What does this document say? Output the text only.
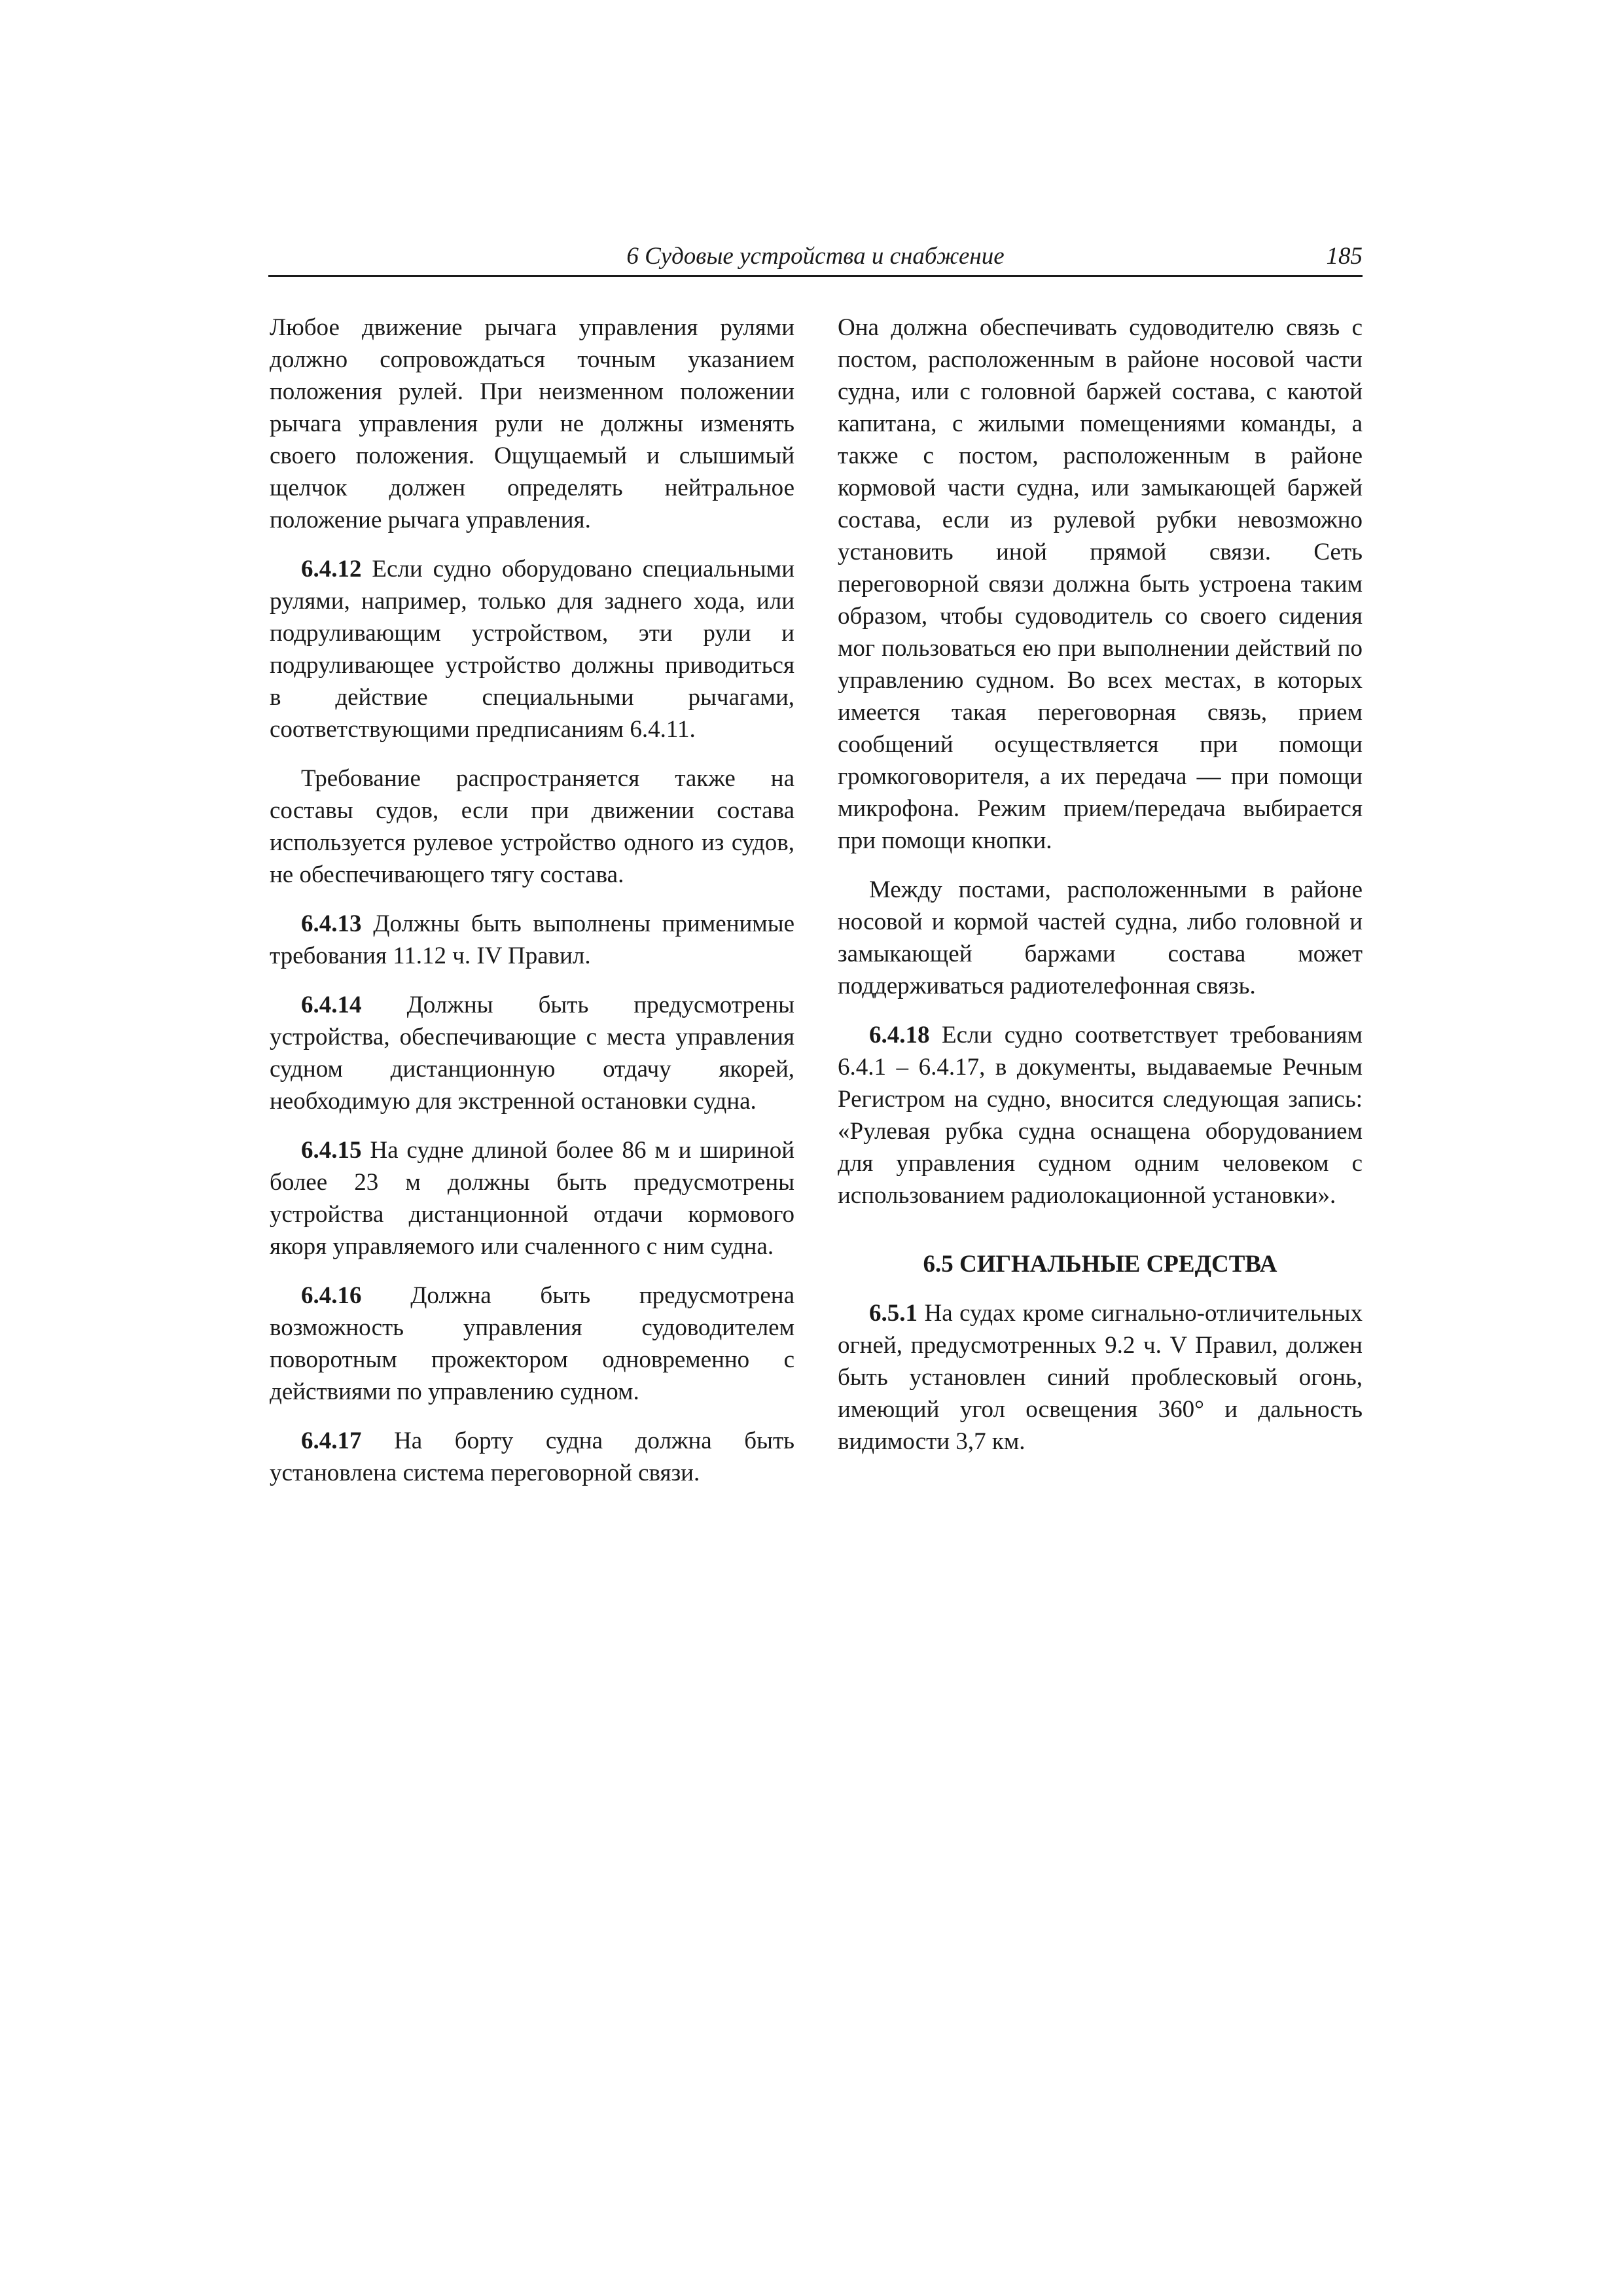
6 Судовые устройства и снабжение	185

Любое движение рычага управления рулями должно сопровождаться точным указанием положения рулей. При неизменном положении рычага управления рули не должны изменять своего положения. Ощущаемый и слышимый щелчок должен определять нейтральное положение рычага управления.

6.4.12 Если судно оборудовано специальными рулями, например, только для заднего хода, или подруливающим устройством, эти рули и подруливающее устройство должны приводиться в действие специальными рычагами, соответствующими предписаниям 6.4.11.

Требование распространяется также на составы судов, если при движении состава используется рулевое устройство одного из судов, не обеспечивающего тягу состава.

6.4.13 Должны быть выполнены применимые требования 11.12 ч. IV Правил.

6.4.14 Должны быть предусмотрены устройства, обеспечивающие с места управления судном дистанционную отдачу якорей, необходимую для экстренной остановки судна.

6.4.15 На судне длиной более 86 м и шириной более 23 м должны быть предусмотрены устройства дистанционной отдачи кормового якоря управляемого или счаленного с ним судна.

6.4.16 Должна быть предусмотрена возможность управления судоводителем поворотным прожектором одновременно с действиями по управлению судном.

6.4.17 На борту судна должна быть установлена система переговорной связи.

Она должна обеспечивать судоводителю связь с постом, расположенным в районе носовой части судна, или с головной баржей состава, с каютой капитана, с жилыми помещениями команды, а также с постом, расположенным в районе кормовой части судна, или замыкающей баржей состава, если из рулевой рубки невозможно установить иной прямой связи. Сеть переговорной связи должна быть устроена таким образом, чтобы судоводитель со своего сидения мог пользоваться ею при выполнении действий по управлению судном. Во всех местах, в которых имеется такая переговорная связь, прием сообщений осуществляется при помощи громкоговорителя, а их передача — при помощи микрофона. Режим прием/передача выбирается при помощи кнопки.

Между постами, расположенными в районе носовой и кормой частей судна, либо головной и замыкающей баржами состава может поддерживаться радиотелефонная связь.

6.4.18 Если судно соответствует требованиям 6.4.1 – 6.4.17, в документы, выдаваемые Речным Регистром на судно, вносится следующая запись: «Рулевая рубка судна оснащена оборудованием для управления судном одним человеком с использованием радиолокационной установки».

6.5 СИГНАЛЬНЫЕ СРЕДСТВА

6.5.1 На судах кроме сигнально-отличительных огней, предусмотренных 9.2 ч. V Правил, должен быть установлен синий проблесковый огонь, имеющий угол освещения 360° и дальность видимости 3,7 км.
